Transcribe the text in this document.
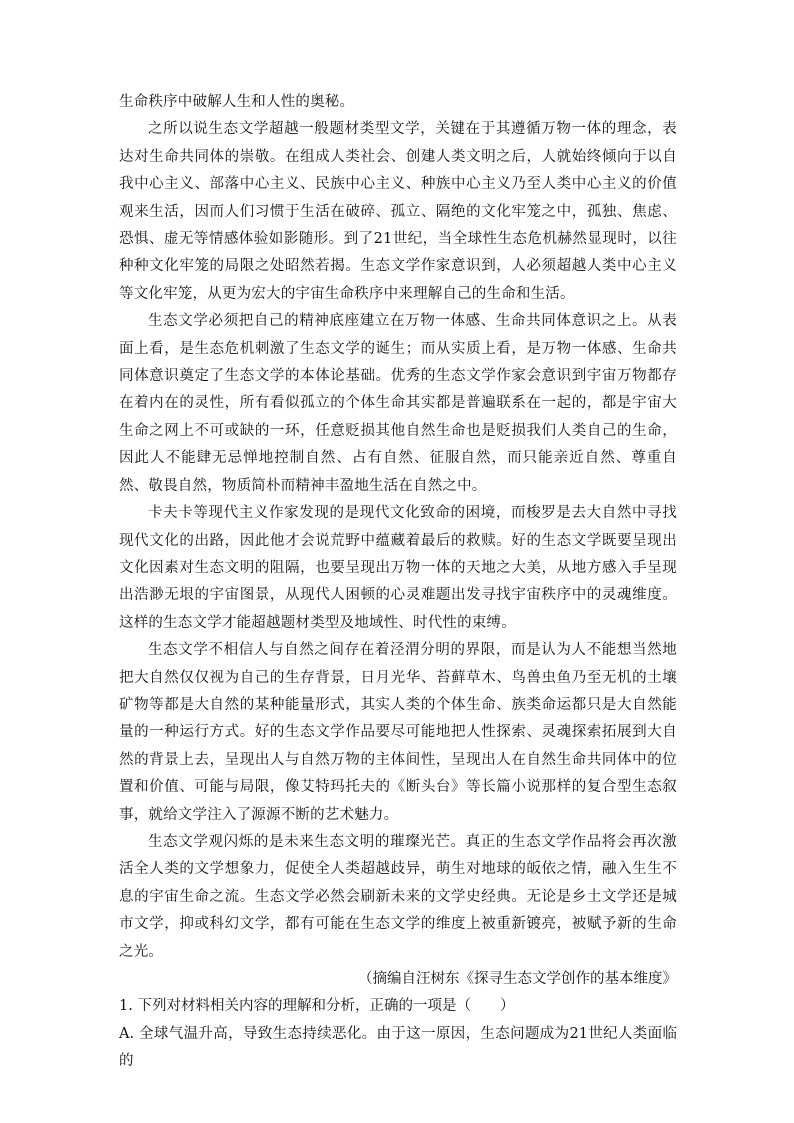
生命秩序中破解人生和人性的奥秘。

之所以说生态文学超越一般题材类型文学，关键在于其遵循万物一体的理念，表达对生命共同体的崇敬。在组成人类社会、创建人类文明之后，人就始终倾向于以自我中心主义、部落中心主义、民族中心主义、种族中心主义乃至人类中心主义的价值观来生活，因而人们习惯于生活在破碎、孤立、隔绝的文化牢笼之中，孤独、焦虑、恐惧、虚无等情感体验如影随形。到了21世纪，当全球性生态危机赫然显现时，以往种种文化牢笼的局限之处昭然若揭。生态文学作家意识到，人必须超越人类中心主义等文化牢笼，从更为宏大的宇宙生命秩序中来理解自己的生命和生活。

生态文学必须把自己的精神底座建立在万物一体感、生命共同体意识之上。从表面上看，是生态危机刺激了生态文学的诞生；而从实质上看，是万物一体感、生命共同体意识奠定了生态文学的本体论基础。优秀的生态文学作家会意识到宇宙万物都存在着内在的灵性，所有看似孤立的个体生命其实都是普遍联系在一起的，都是宇宙大生命之网上不可或缺的一环，任意贬损其他自然生命也是贬损我们人类自己的生命，因此人不能肆无忌惮地控制自然、占有自然、征服自然，而只能亲近自然、尊重自然、敬畏自然，物质简朴而精神丰盈地生活在自然之中。

卡夫卡等现代主义作家发现的是现代文化致命的困境，而梭罗是去大自然中寻找现代文化的出路，因此他才会说荒野中蕴藏着最后的救赎。好的生态文学既要呈现出文化因素对生态文明的阻隔，也要呈现出万物一体的天地之大美，从地方感入手呈现出浩渺无垠的宇宙图景，从现代人困顿的心灵难题出发寻找宇宙秩序中的灵魂维度。这样的生态文学才能超越题材类型及地域性、时代性的束缚。

生态文学不相信人与自然之间存在着泾渭分明的界限，而是认为人不能想当然地把大自然仅仅视为自己的生存背景，日月光华、苔藓草木、鸟兽虫鱼乃至无机的土壤矿物等都是大自然的某种能量形式，其实人类的个体生命、族类命运都只是大自然能量的一种运行方式。好的生态文学作品要尽可能地把人性探索、灵魂探索拓展到大自然的背景上去，呈现出人与自然万物的主体间性，呈现出人在自然生命共同体中的位置和价值、可能与局限，像艾特玛托夫的《断头台》等长篇小说那样的复合型生态叙事，就给文学注入了源源不断的艺术魅力。

生态文学观闪烁的是未来生态文明的璀璨光芒。真正的生态文学作品将会再次激活全人类的文学想象力，促使全人类超越歧异，萌生对地球的皈依之情，融入生生不息的宇宙生命之流。生态文学必然会刷新未来的文学史经典。无论是乡土文学还是城市文学，抑或科幻文学，都有可能在生态文学的维度上被重新镀亮，被赋予新的生命之光。

（摘编自汪树东《探寻生态文学创作的基本维度》

1. 下列对材料相关内容的理解和分析，正确的一项是（　　）

A. 全球气温升高，导致生态持续恶化。由于这一原因，生态问题成为21世纪人类面临的
